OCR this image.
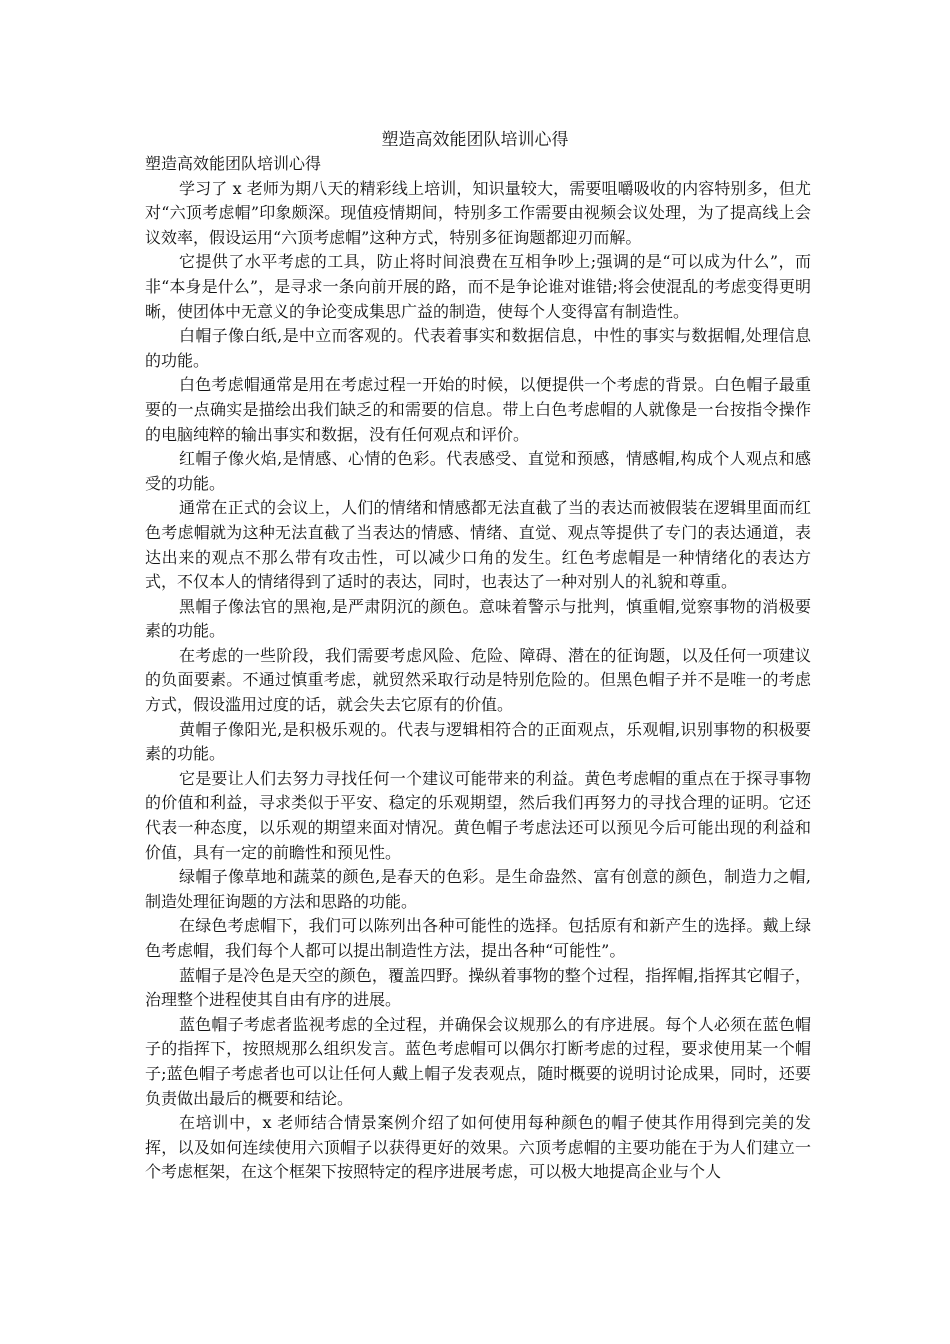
塑造高效能团队培训心得

塑造高效能团队培训心得

学习了 x 老师为期八天的精彩线上培训，知识量较大，需要咀嚼吸收的内容特别多，但尤对“六顶考虑帽”印象颇深。现值疫情期间，特别多工作需要由视频会议处理，为了提高线上会议效率，假设运用“六顶考虑帽”这种方式，特别多征询题都迎刃而解。

它提供了水平考虑的工具，防止将时间浪费在互相争吵上;强调的是“可以成为什么”，而非“本身是什么”，是寻求一条向前开展的路，而不是争论谁对谁错;将会使混乱的考虑变得更明晰，使团体中无意义的争论变成集思广益的制造，使每个人变得富有制造性。

白帽子像白纸,是中立而客观的。代表着事实和数据信息，中性的事实与数据帽,处理信息的功能。

白色考虑帽通常是用在考虑过程一开始的时候，以便提供一个考虑的背景。白色帽子最重要的一点确实是描绘出我们缺乏的和需要的信息。带上白色考虑帽的人就像是一台按指令操作的电脑纯粹的输出事实和数据，没有任何观点和评价。

红帽子像火焰,是情感、心情的色彩。代表感受、直觉和预感，情感帽,构成个人观点和感受的功能。

通常在正式的会议上，人们的情绪和情感都无法直截了当的表达而被假装在逻辑里面而红色考虑帽就为这种无法直截了当表达的情感、情绪、直觉、观点等提供了专门的表达通道，表达出来的观点不那么带有攻击性，可以减少口角的发生。红色考虑帽是一种情绪化的表达方式，不仅本人的情绪得到了适时的表达，同时，也表达了一种对别人的礼貌和尊重。

黑帽子像法官的黑袍,是严肃阴沉的颜色。意味着警示与批判，慎重帽,觉察事物的消极要素的功能。

在考虑的一些阶段，我们需要考虑风险、危险、障碍、潜在的征询题，以及任何一项建议的负面要素。不通过慎重考虑，就贸然采取行动是特别危险的。但黑色帽子并不是唯一的考虑方式，假设滥用过度的话，就会失去它原有的价值。

黄帽子像阳光,是积极乐观的。代表与逻辑相符合的正面观点，乐观帽,识别事物的积极要素的功能。

它是要让人们去努力寻找任何一个建议可能带来的利益。黄色考虑帽的重点在于探寻事物的价值和利益，寻求类似于平安、稳定的乐观期望，然后我们再努力的寻找合理的证明。它还代表一种态度，以乐观的期望来面对情况。黄色帽子考虑法还可以预见今后可能出现的利益和价值，具有一定的前瞻性和预见性。

绿帽子像草地和蔬菜的颜色,是春天的色彩。是生命盎然、富有创意的颜色，制造力之帽,制造处理征询题的方法和思路的功能。

在绿色考虑帽下，我们可以陈列出各种可能性的选择。包括原有和新产生的选择。戴上绿色考虑帽，我们每个人都可以提出制造性方法，提出各种“可能性”。

蓝帽子是冷色是天空的颜色，覆盖四野。操纵着事物的整个过程，指挥帽,指挥其它帽子，治理整个进程使其自由有序的进展。

蓝色帽子考虑者监视考虑的全过程，并确保会议规那么的有序进展。每个人必须在蓝色帽子的指挥下，按照规那么组织发言。蓝色考虑帽可以偶尔打断考虑的过程，要求使用某一个帽子;蓝色帽子考虑者也可以让任何人戴上帽子发表观点，随时概要的说明讨论成果，同时，还要负责做出最后的概要和结论。

在培训中，x 老师结合情景案例介绍了如何使用每种颜色的帽子使其作用得到完美的发挥，以及如何连续使用六顶帽子以获得更好的效果。六顶考虑帽的主要功能在于为人们建立一个考虑框架，在这个框架下按照特定的程序进展考虑，可以极大地提高企业与个人
